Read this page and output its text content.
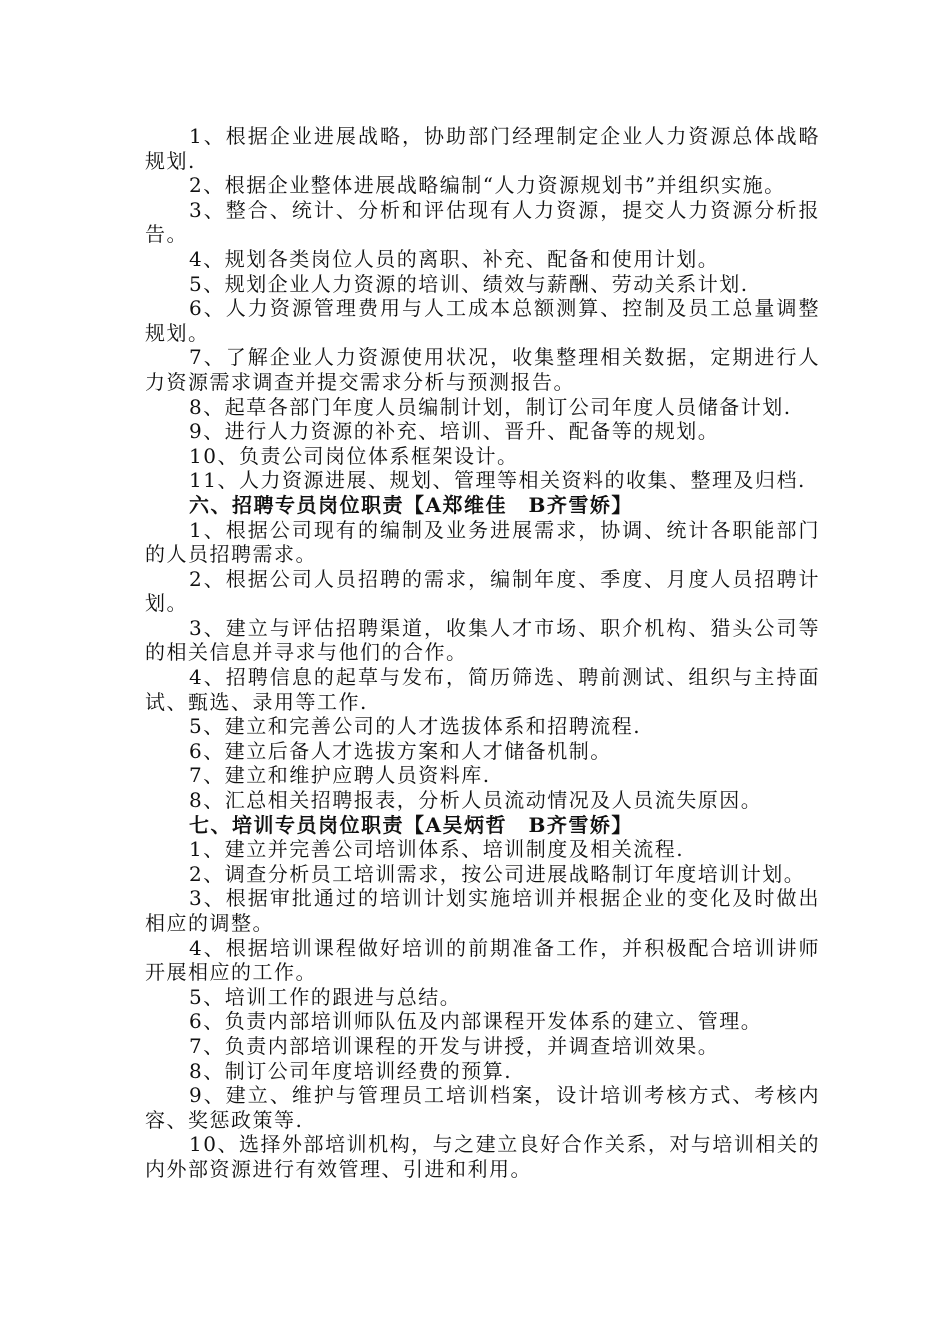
1、根据企业进展战略，协助部门经理制定企业人力资源总体战略规划.

2、根据企业整体进展战略编制“人力资源规划书”并组织实施。

3、整合、统计、分析和评估现有人力资源，提交人力资源分析报告。

4、规划各类岗位人员的离职、补充、配备和使用计划。

5、规划企业人力资源的培训、绩效与薪酬、劳动关系计划.

6、人力资源管理费用与人工成本总额测算、控制及员工总量调整规划。

7、了解企业人力资源使用状况，收集整理相关数据，定期进行人力资源需求调查并提交需求分析与预测报告。

8、起草各部门年度人员编制计划，制订公司年度人员储备计划.

9、进行人力资源的补充、培训、晋升、配备等的规划。

10、负责公司岗位体系框架设计。

11、人力资源进展、规划、管理等相关资料的收集、整理及归档.

六、招聘专员岗位职责【A郑维佳　B齐雪娇】

1、根据公司现有的编制及业务进展需求，协调、统计各职能部门的人员招聘需求。

2、根据公司人员招聘的需求，编制年度、季度、月度人员招聘计划。

3、建立与评估招聘渠道，收集人才市场、职介机构、猎头公司等的相关信息并寻求与他们的合作。

4、招聘信息的起草与发布，简历筛选、聘前测试、组织与主持面试、甄选、录用等工作.

5、建立和完善公司的人才选拔体系和招聘流程.

6、建立后备人才选拔方案和人才储备机制。

7、建立和维护应聘人员资料库.

8、汇总相关招聘报表，分析人员流动情况及人员流失原因。

七、培训专员岗位职责【A吴炳哲　B齐雪娇】

1、建立并完善公司培训体系、培训制度及相关流程.

2、调查分析员工培训需求，按公司进展战略制订年度培训计划。

3、根据审批通过的培训计划实施培训并根据企业的变化及时做出相应的调整。

4、根据培训课程做好培训的前期准备工作，并积极配合培训讲师开展相应的工作。

5、培训工作的跟进与总结。

6、负责内部培训师队伍及内部课程开发体系的建立、管理。

7、负责内部培训课程的开发与讲授，并调查培训效果。

8、制订公司年度培训经费的预算.

9、建立、维护与管理员工培训档案，设计培训考核方式、考核内容、奖惩政策等.

10、选择外部培训机构，与之建立良好合作关系，对与培训相关的内外部资源进行有效管理、引进和利用。
